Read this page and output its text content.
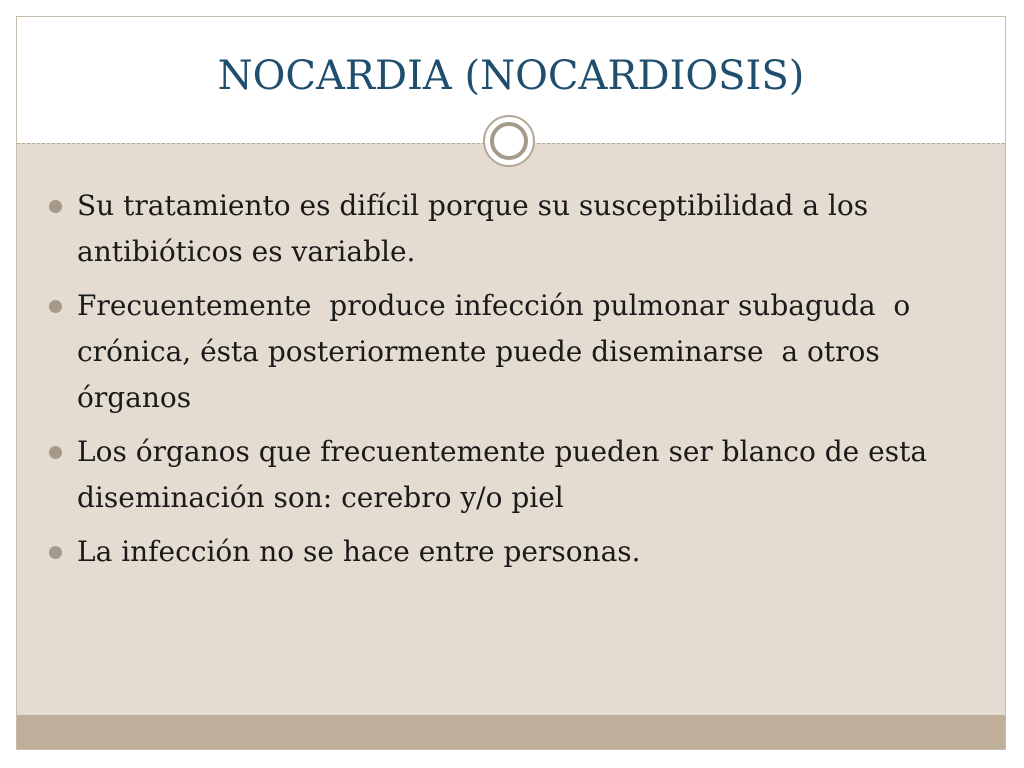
NOCARDIA (NOCARDIOSIS)
Su tratamiento es difícil porque su susceptibilidad a los antibióticos es variable.
Frecuentemente  produce infección pulmonar subaguda  o crónica, ésta posteriormente puede diseminarse  a otros órganos
Los órganos que frecuentemente pueden ser blanco de esta diseminación son: cerebro y/o piel
La infección no se hace entre personas.
